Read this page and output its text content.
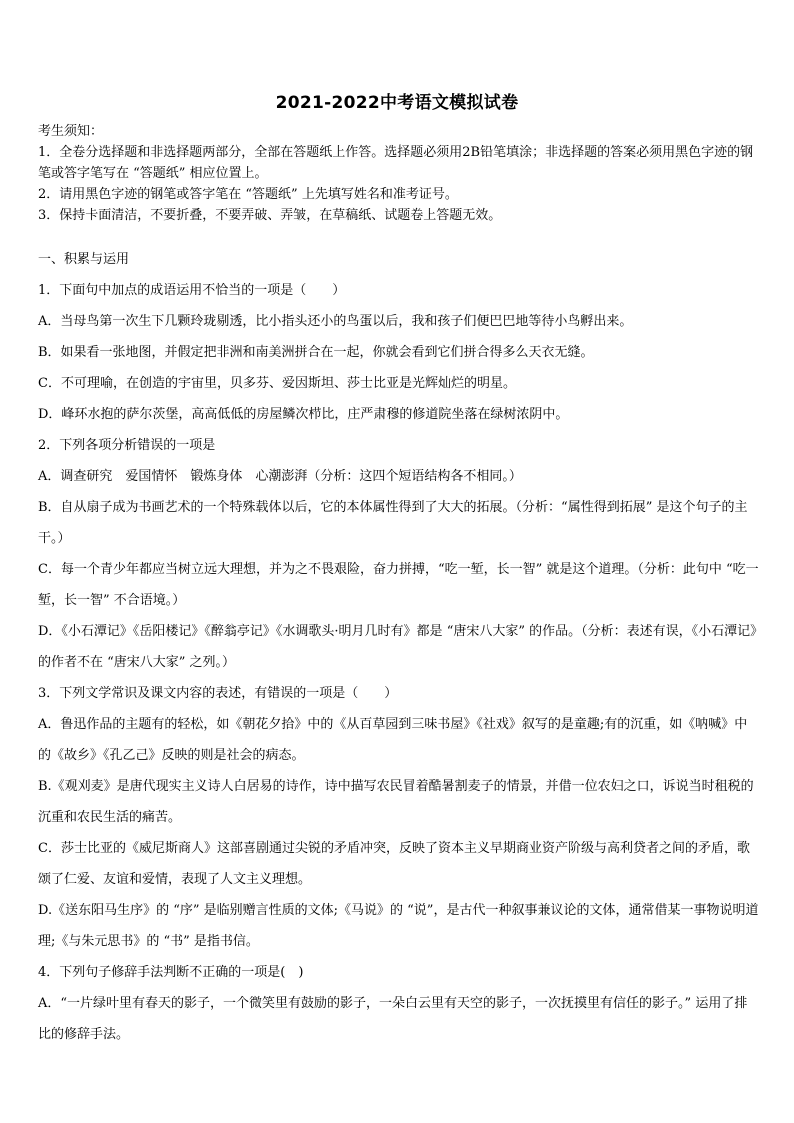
2021-2022中考语文模拟试卷

考生须知：

1．全卷分选择题和非选择题两部分，全部在答题纸上作答。选择题必须用2B铅笔填涂；非选择题的答案必须用黑色字迹的钢笔或答字笔写在 “答题纸” 相应位置上。

2．请用黑色字迹的钢笔或答字笔在 “答题纸” 上先填写姓名和准考证号。

3．保持卡面清洁，不要折叠，不要弄破、弄皱，在草稿纸、试题卷上答题无效。

一、积累与运用

1．下面句中加点的成语运用不恰当的一项是（　　）

A．当母鸟第一次生下几颗玲珑剔透，比小指头还小的鸟蛋以后，我和孩子们便巴巴地等待小鸟孵出来。

B．如果看一张地图，并假定把非洲和南美洲拼合在一起，你就会看到它们拼合得多么天衣无缝。

C．不可理喻，在创造的宇宙里，贝多芬、爱因斯坦、莎士比亚是光辉灿烂的明星。

D．峰环水抱的萨尔茨堡，高高低低的房屋鳞次栉比，庄严肃穆的修道院坐落在绿树浓阴中。

2．下列各项分析错误的一项是

A．调查研究　爱国情怀　锻炼身体　心潮澎湃（分析：这四个短语结构各不相同。）

B．自从扇子成为书画艺术的一个特殊载体以后，它的本体属性得到了大大的拓展。（分析：“属性得到拓展” 是这个句子的主干。）

C．每一个青少年都应当树立远大理想，并为之不畏艰险，奋力拼搏，“吃一堑，长一智” 就是这个道理。（分析：此句中 “吃一堑，长一智” 不合语境。）

D．《小石潭记》《岳阳楼记》《醉翁亭记》《水调歌头·明月几时有》都是 “唐宋八大家” 的作品。（分析：表述有误，《小石潭记》的作者不在 “唐宋八大家” 之列。）

3．下列文学常识及课文内容的表述，有错误的一项是（　　）

A．鲁迅作品的主题有的轻松，如《朝花夕拾》中的《从百草园到三味书屋》《社戏》叙写的是童趣;有的沉重，如《呐喊》中的《故乡》《孔乙己》反映的则是社会的病态。

B.《观刈麦》是唐代现实主义诗人白居易的诗作，诗中描写农民冒着酷暑割麦子的情景，并借一位农妇之口，诉说当时租税的沉重和农民生活的痛苦。

C．莎士比亚的《威尼斯商人》这部喜剧通过尖锐的矛盾冲突，反映了资本主义早期商业资产阶级与高利贷者之间的矛盾，歌颂了仁爱、友谊和爱情，表现了人文主义理想。

D.《送东阳马生序》的 “序” 是临别赠言性质的文体;《马说》的 “说”，是古代一种叙事兼议论的文体，通常借某一事物说明道理;《与朱元思书》的 “书” 是指书信。

4．下列句子修辞手法判断不正确的一项是(　)

A．“一片绿叶里有春天的影子，一个微笑里有鼓励的影子，一朵白云里有天空的影子，一次抚摸里有信任的影子。” 运用了排比的修辞手法。
